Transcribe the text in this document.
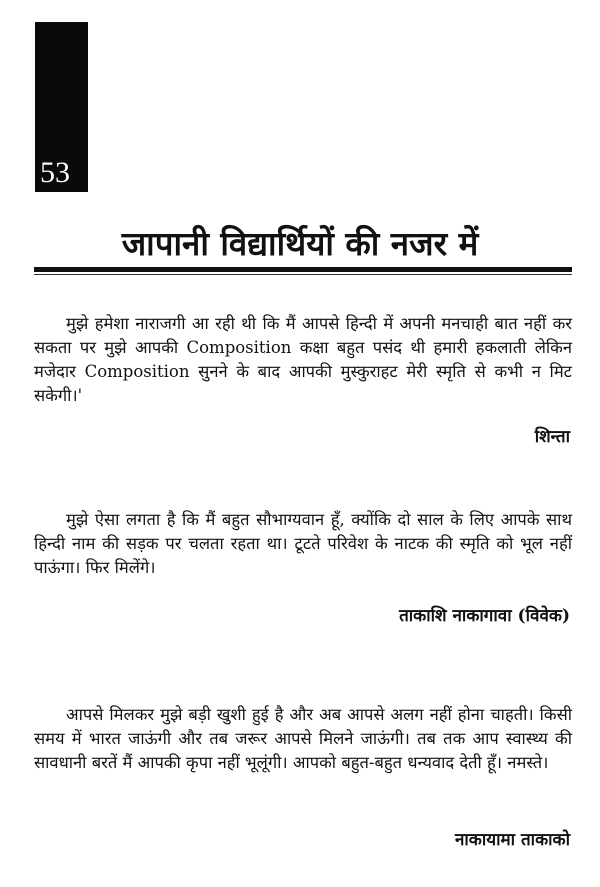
53
जापानी विद्यार्थियों की नजर में
मुझे हमेशा नाराजगी आ रही थी कि मैं आपसे हिन्दी में अपनी मनचाही बात नहीं कर सकता पर मुझे आपकी Composition कक्षा बहुत पसंद थी हमारी हकलाती लेकिन मजेदार Composition सुनने के बाद आपकी मुस्कुराहट मेरी स्मृति से कभी न मिट सकेगी।'
शिन्ता
मुझे ऐसा लगता है कि मैं बहुत सौभाग्यवान हूँ, क्योंकि दो साल के लिए आपके साथ हिन्दी नाम की सड़क पर चलता रहता था। टूटते परिवेश के नाटक की स्मृति को भूल नहीं पाऊंगा। फिर मिलेंगे।
ताकाशि नाकागावा (विवेक)
आपसे मिलकर मुझे बड़ी खुशी हुई है और अब आपसे अलग नहीं होना चाहती। किसी समय में भारत जाऊंगी और तब जरूर आपसे मिलने जाऊंगी। तब तक आप स्वास्थ्य की सावधानी बरतें मैं आपकी कृपा नहीं भूलूंगी। आपको बहुत-बहुत धन्यवाद देती हूँ। नमस्ते।
नाकायामा ताकाको
